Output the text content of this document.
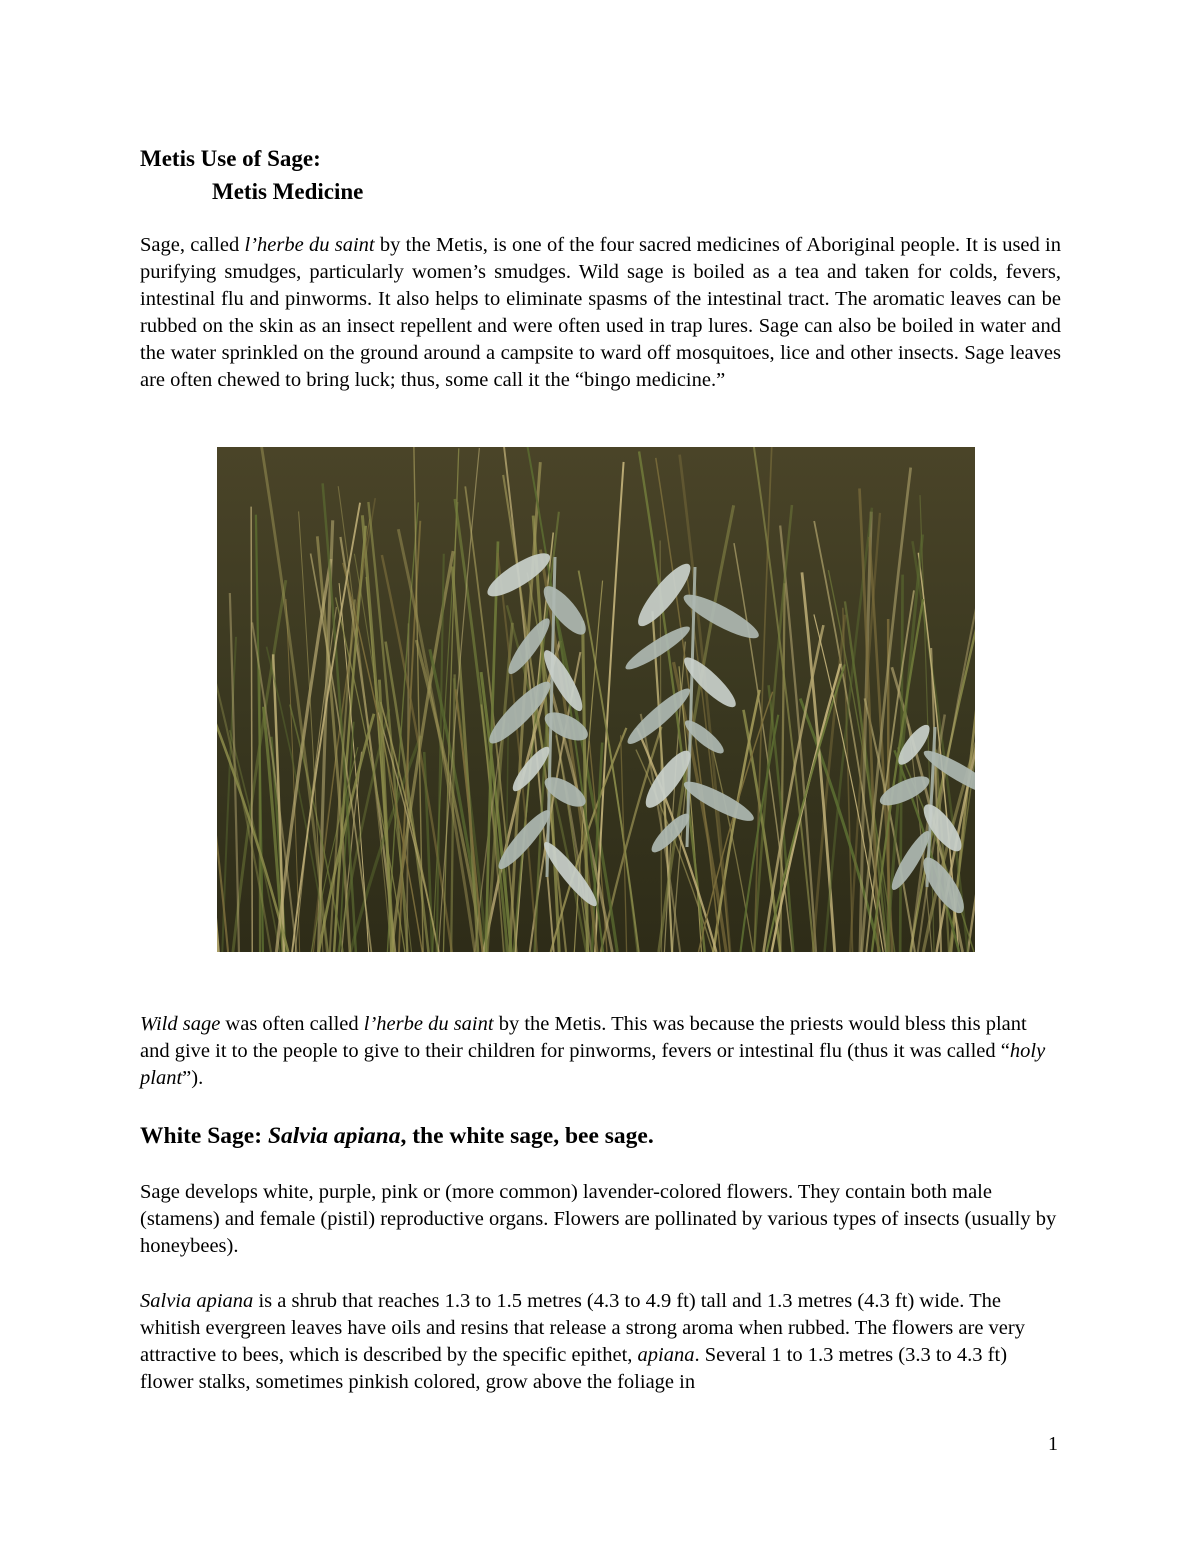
Metis Use of Sage:
Metis Medicine

Sage, called l’herbe du saint by the Metis, is one of the four sacred medicines of Aboriginal people. It is used in purifying smudges, particularly women’s smudges. Wild sage is boiled as a tea and taken for colds, fevers, intestinal flu and pinworms. It also helps to eliminate spasms of the intestinal tract. The aromatic leaves can be rubbed on the skin as an insect repellent and were often used in trap lures. Sage can also be boiled in water and the water sprinkled on the ground around a campsite to ward off mosquitoes, lice and other insects. Sage leaves are often chewed to bring luck; thus, some call it the “bingo medicine.”

Wild sage was often called l’herbe du saint by the Metis. This was because the priests would bless this plant and give it to the people to give to their children for pinworms, fevers or intestinal flu (thus it was called “holy plant”).

White Sage: Salvia apiana, the white sage, bee sage.

Sage develops white, purple, pink or (more common) lavender-colored flowers. They contain both male (stamens) and female (pistil) reproductive organs. Flowers are pollinated by various types of insects (usually by honeybees).

Salvia apiana is a shrub that reaches 1.3 to 1.5 metres (4.3 to 4.9 ft) tall and 1.3 metres (4.3 ft) wide. The whitish evergreen leaves have oils and resins that release a strong aroma when rubbed. The flowers are very attractive to bees, which is described by the specific epithet, apiana. Several 1 to 1.3 metres (3.3 to 4.3 ft) flower stalks, sometimes pinkish colored, grow above the foliage in

1
